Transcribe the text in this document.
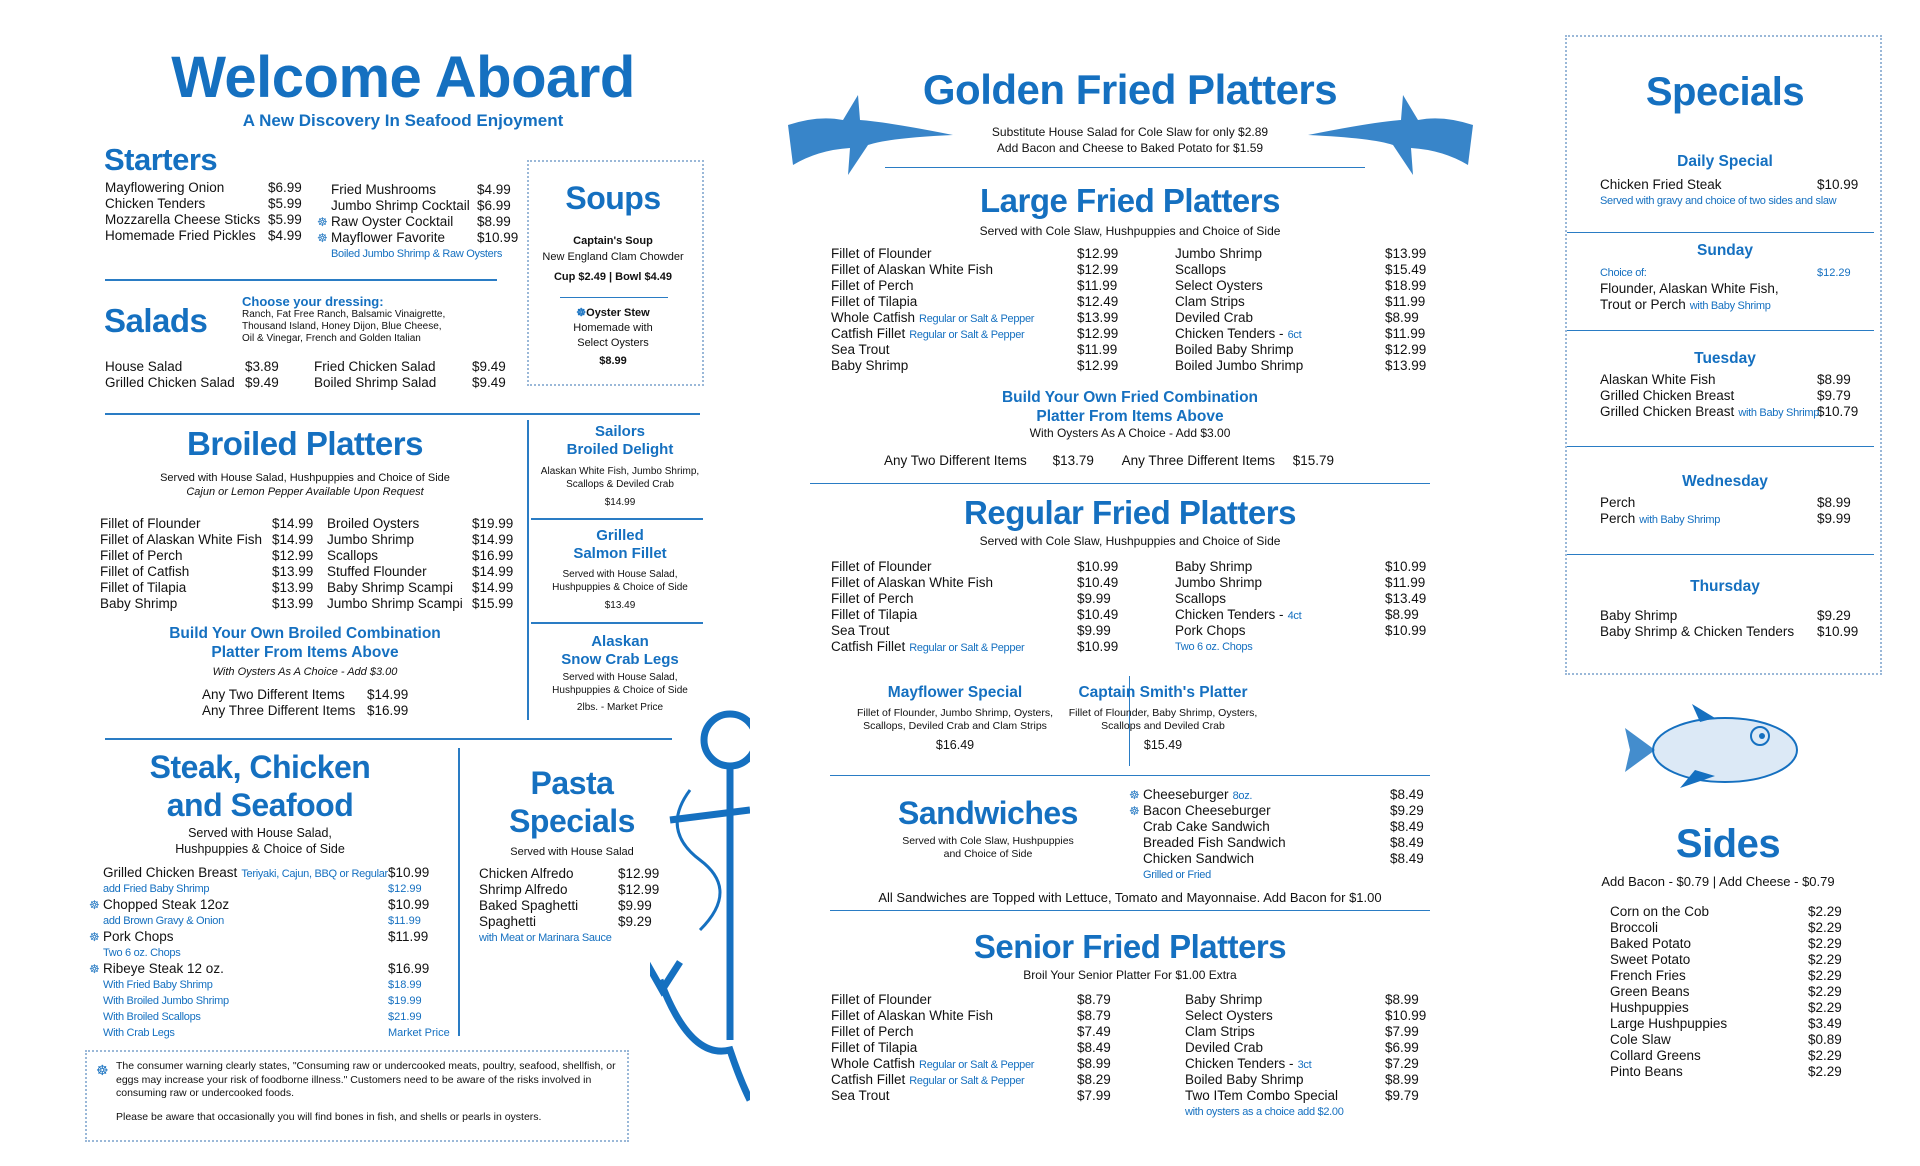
Welcome Aboard
A New Discovery In Seafood Enjoyment
Starters
Mayflowering Onion	$6.99
Chicken Tenders	$5.99
Mozzarella Cheese Sticks $5.99
Homemade Fried Pickles $4.99
Fried Mushrooms	$4.99
Jumbo Shrimp Cocktail $6.99
☸ Raw Oyster Cocktail	$8.99
☸ Mayflower Favorite	$10.99
Boiled Jumbo Shrimp & Raw Oysters
Salads
Choose your dressing:
Ranch, Fat Free Ranch, Balsamic Vinaigrette,
Thousand Island, Honey Dijon, Blue Cheese,
Oil & Vinegar, French and Golden Italian
House Salad	$3.89
Grilled Chicken Salad $9.49
Fried Chicken Salad	$9.49
Boiled Shrimp Salad	$9.49
Soups
Captain's Soup
New England Clam Chowder
Cup $2.49 | Bowl $4.49
☸Oyster Stew
Homemade with
Select Oysters
$8.99
Broiled Platters
Served with House Salad, Hushpuppies and Choice of Side
Cajun or Lemon Pepper Available Upon Request
Fillet of Flounder	$14.99
Fillet of Alaskan White Fish $14.99
Fillet of Perch	$12.99
Fillet of Catfish	$13.99
Fillet of Tilapia	$13.99
Baby Shrimp	$13.99
Broiled Oysters	$19.99
Jumbo Shrimp	$14.99
Scallops	$16.99
Stuffed Flounder	$14.99
Baby Shrimp Scampi	$14.99
Jumbo Shrimp Scampi $15.99
Build Your Own Broiled Combination
Platter From Items Above
With Oysters As A Choice - Add $3.00
Any Two Different Items	$14.99
Any Three Different Items $16.99
Sailors
Broiled Delight
Alaskan White Fish, Jumbo Shrimp,
Scallops & Deviled Crab
$14.99
Grilled
Salmon Fillet
Served with House Salad,
Hushpuppies & Choice of Side
$13.49
Alaskan
Snow Crab Legs
Served with House Salad,
Hushpuppies & Choice of Side
2lbs. - Market Price
Steak, Chicken
and Seafood
Served with House Salad,
Hushpuppies & Choice of Side
Grilled Chicken Breast Teriyaki, Cajun, BBQ or Regular $10.99
add Fried Baby Shrimp	$12.99
☸ Chopped Steak 12oz	$10.99
add Brown Gravy & Onion	$11.99
☸ Pork Chops	$11.99
Two 6 oz. Chops
☸ Ribeye Steak 12 oz.	$16.99
With Fried Baby Shrimp	$18.99
With Broiled Jumbo Shrimp	$19.99
With Broiled Scallops	$21.99
With Crab Legs	Market Price
Pasta
Specials
Served with House Salad
Chicken Alfredo	$12.99
Shrimp Alfredo	$12.99
Baked Spaghetti	$9.99
Spaghetti	$9.29
with Meat or Marinara Sauce
☸ The consumer warning clearly states, "Consuming raw or undercooked meats, poultry, seafood, shellfish, or eggs may increase your risk of foodborne illness." Customers need to be aware of the risks involved in consuming raw or undercooked foods.
Please be aware that occasionally you will find bones in fish, and shells or pearls in oysters.
Golden Fried Platters
Substitute House Salad for Cole Slaw for only $2.89
Add Bacon and Cheese to Baked Potato for $1.59
Large Fried Platters
Served with Cole Slaw, Hushpuppies and Choice of Side
Fillet of Flounder	$12.99
Fillet of Alaskan White Fish	$12.99
Fillet of Perch	$11.99
Fillet of Tilapia	$12.49
Whole Catfish Regular or Salt & Pepper	$13.99
Catfish Fillet Regular or Salt & Pepper	$12.99
Sea Trout	$11.99
Baby Shrimp	$12.99
Jumbo Shrimp	$13.99
Scallops	$15.49
Select Oysters	$18.99
Clam Strips	$11.99
Deviled Crab	$8.99
Chicken Tenders - 6ct	$11.99
Boiled Baby Shrimp	$12.99
Boiled Jumbo Shrimp	$13.99
Build Your Own Fried Combination
Platter From Items Above
With Oysters As A Choice - Add $3.00
Any Two Different Items $13.79 Any Three Different Items $15.79
Regular Fried Platters
Served with Cole Slaw, Hushpuppies and Choice of Side
Fillet of Flounder	$10.99
Fillet of Alaskan White Fish	$10.49
Fillet of Perch	$9.99
Fillet of Tilapia	$10.49
Sea Trout	$9.99
Catfish Fillet Regular or Salt & Pepper	$10.99
Baby Shrimp	$10.99
Jumbo Shrimp	$11.99
Scallops	$13.49
Chicken Tenders - 4ct	$8.99
Pork Chops	$10.99
Two 6 oz. Chops
Mayflower Special
Fillet of Flounder, Jumbo Shrimp, Oysters,
Scallops, Deviled Crab and Clam Strips
$16.49
Captain Smith's Platter
Fillet of Flounder, Baby Shrimp, Oysters,
Scallops and Deviled Crab
$15.49
Sandwiches
Served with Cole Slaw, Hushpuppies
and Choice of Side
☸ Cheeseburger 8oz.	$8.49
☸ Bacon Cheeseburger	$9.29
Crab Cake Sandwich	$8.49
Breaded Fish Sandwich	$8.49
Chicken Sandwich	$8.49
Grilled or Fried
All Sandwiches are Topped with Lettuce, Tomato and Mayonnaise. Add Bacon for $1.00
Senior Fried Platters
Broil Your Senior Platter For $1.00 Extra
Fillet of Flounder	$8.79
Fillet of Alaskan White Fish	$8.79
Fillet of Perch	$7.49
Fillet of Tilapia	$8.49
Whole Catfish Regular or Salt & Pepper	$8.99
Catfish Fillet Regular or Salt & Pepper	$8.29
Sea Trout	$7.99
Baby Shrimp	$8.99
Select Oysters	$10.99
Clam Strips	$7.99
Deviled Crab	$6.99
Chicken Tenders - 3ct	$7.29
Boiled Baby Shrimp	$8.99
Two ITem Combo Special	$9.79
with oysters as a choice add $2.00
Specials
Daily Special
Chicken Fried Steak	$10.99
Served with gravy and choice of two sides and slaw
Sunday
Choice of:	$12.29
Flounder, Alaskan White Fish,
Trout or Perch with Baby Shrimp
Tuesday
Alaskan White Fish	$8.99
Grilled Chicken Breast	$9.79
Grilled Chicken Breast with Baby Shrimp
$10.79
Wednesday
Perch	$8.99
Perch with Baby Shrimp	$9.99
Thursday
Baby Shrimp	$9.29
Baby Shrimp & Chicken Tenders	$10.99
Sides
Add Bacon - $0.79 | Add Cheese - $0.79
Corn on the Cob	$2.29
Broccoli	$2.29
Baked Potato	$2.29
Sweet Potato	$2.29
French Fries	$2.29
Green Beans	$2.29
Hushpuppies	$2.29
Large Hushpuppies	$3.49
Cole Slaw	$0.89
Collard Greens	$2.29
Pinto Beans	$2.29
